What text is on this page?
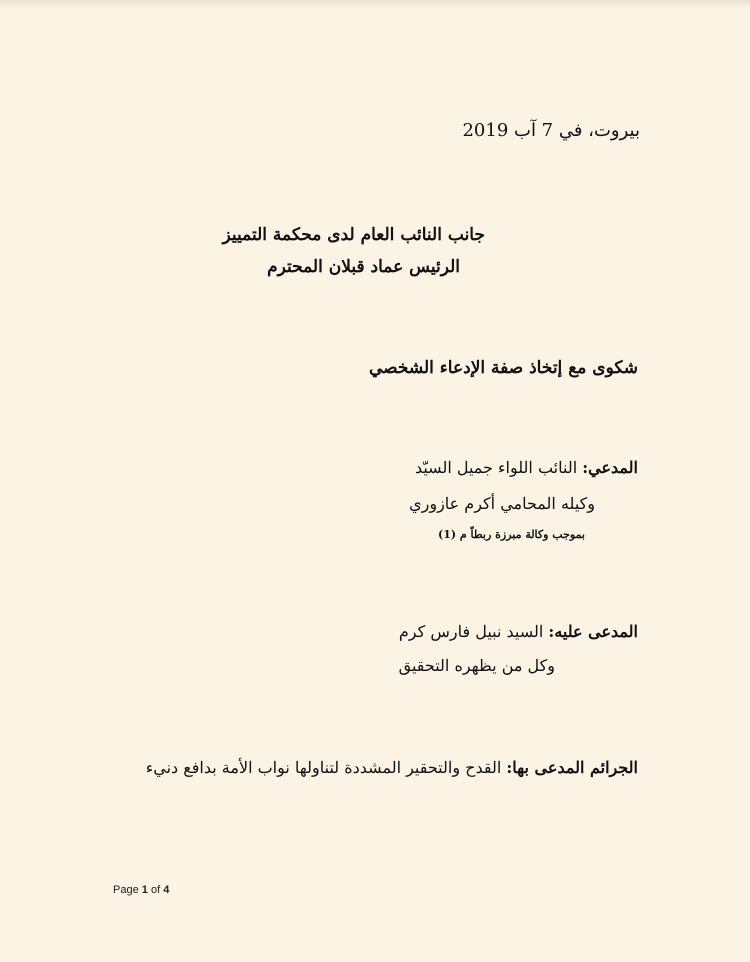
بيروت، في 7 آب 2019
جانب النائب العام لدى محكمة التمييز
الرئيس عماد قبلان المحترم
شكوى مع إتخاذ صفة الإدعاء الشخصي
المدعي: النائب اللواء جميل السيّد
وكيله المحامي أكرم عازوري
بموجب وكالة مبرزة ربطاً م (1)
المدعى عليه: السيد نبيل فارس كرم
وكل من يظهره التحقيق
الجرائم المدعى بها: القدح والتحقير المشددة لتناولها نواب الأمة بدافع دنيء
Page 1 of 4
